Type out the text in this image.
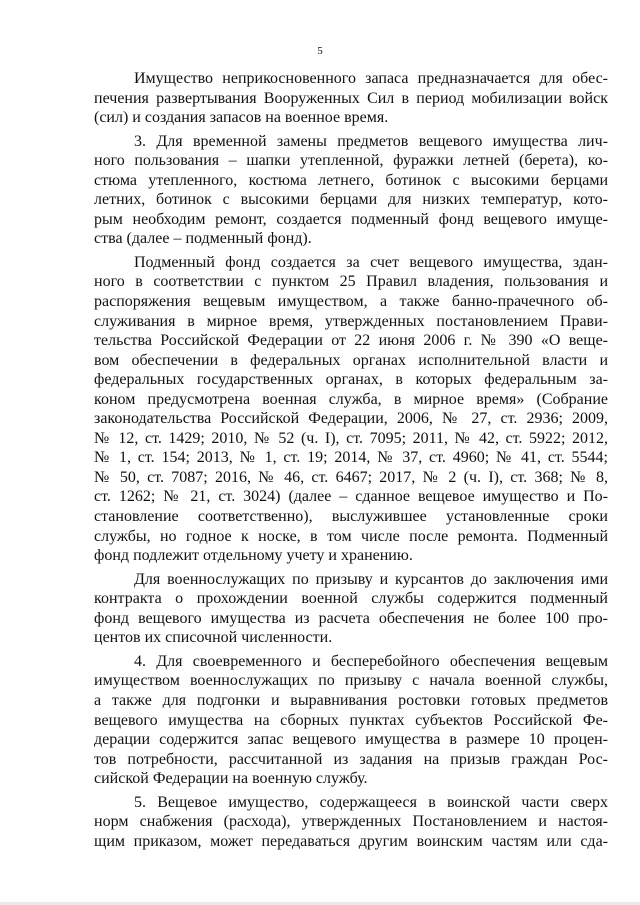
5
Имущество неприкосновенного запаса предназначается для обес-
печения развертывания Вооруженных Сил в период мобилизации войск
(сил) и создания запасов на военное время.
3. Для временной замены предметов вещевого имущества лич-
ного пользования – шапки утепленной, фуражки летней (берета), ко-
стюма утепленного, костюма летнего, ботинок с высокими берцами
летних, ботинок с высокими берцами для низких температур, кото-
рым необходим ремонт, создается подменный фонд вещевого имуще-
ства (далее – подменный фонд).
Подменный фонд создается за счет вещевого имущества, здан-
ного в соответствии с пунктом 25 Правил владения, пользования и
распоряжения вещевым имуществом, а также банно-прачечного об-
служивания в мирное время, утвержденных постановлением Прави-
тельства Российской Федерации от 22 июня 2006 г. № 390 «О веще-
вом обеспечении в федеральных органах исполнительной власти и
федеральных государственных органах, в которых федеральным за-
коном предусмотрена военная служба, в мирное время» (Собрание
законодательства Российской Федерации, 2006, № 27, ст. 2936; 2009,
№ 12, ст. 1429; 2010, № 52 (ч. I), ст. 7095; 2011, № 42, ст. 5922; 2012,
№ 1, ст. 154; 2013, № 1, ст. 19; 2014, № 37, ст. 4960; № 41, ст. 5544;
№ 50, ст. 7087; 2016, № 46, ст. 6467; 2017, № 2 (ч. I), ст. 368; № 8,
ст. 1262; № 21, ст. 3024) (далее – сданное вещевое имущество и По-
становление соответственно), выслужившее установленные сроки
службы, но годное к носке, в том числе после ремонта. Подменный
фонд подлежит отдельному учету и хранению.
Для военнослужащих по призыву и курсантов до заключения ими
контракта о прохождении военной службы содержится подменный
фонд вещевого имущества из расчета обеспечения не более 100 про-
центов их списочной численности.
4. Для своевременного и бесперебойного обеспечения вещевым
имуществом военнослужащих по призыву с начала военной службы,
а также для подгонки и выравнивания ростовки готовых предметов
вещевого имущества на сборных пунктах субъектов Российской Фе-
дерации содержится запас вещевого имущества в размере 10 процен-
тов потребности, рассчитанной из задания на призыв граждан Рос-
сийской Федерации на военную службу.
5. Вещевое имущество, содержащееся в воинской части сверх
норм снабжения (расхода), утвержденных Постановлением и настоя-
щим приказом, может передаваться другим воинским частям или сда-
